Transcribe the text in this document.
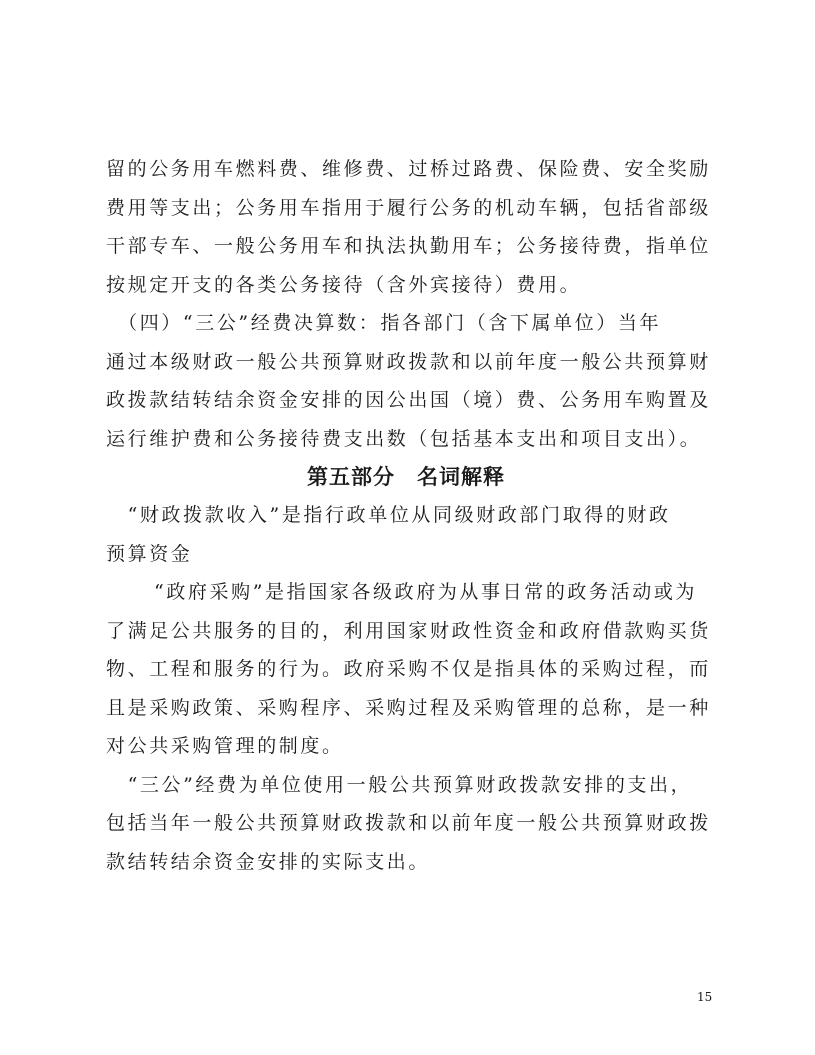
留的公务用车燃料费、维修费、过桥过路费、保险费、安全奖励
费用等支出；公务用车指用于履行公务的机动车辆，包括省部级
干部专车、一般公务用车和执法执勤用车；公务接待费，指单位
按规定开支的各类公务接待（含外宾接待）费用。
　（四）“三公”经费决算数：指各部门（含下属单位）当年
通过本级财政一般公共预算财政拨款和以前年度一般公共预算财
政拨款结转结余资金安排的因公出国（境）费、公务用车购置及
运行维护费和公务接待费支出数（包括基本支出和项目支出）。
第五部分　名词解释
　“财政拨款收入”是指行政单位从同级财政部门取得的财政
预算资金
“政府采购”是指国家各级政府为从事日常的政务活动或为
了满足公共服务的目的，利用国家财政性资金和政府借款购买货
物、工程和服务的行为。政府采购不仅是指具体的采购过程，而
且是采购政策、采购程序、采购过程及采购管理的总称，是一种
对公共采购管理的制度。
　“三公”经费为单位使用一般公共预算财政拨款安排的支出，
包括当年一般公共预算财政拨款和以前年度一般公共预算财政拨
款结转结余资金安排的实际支出。
15
